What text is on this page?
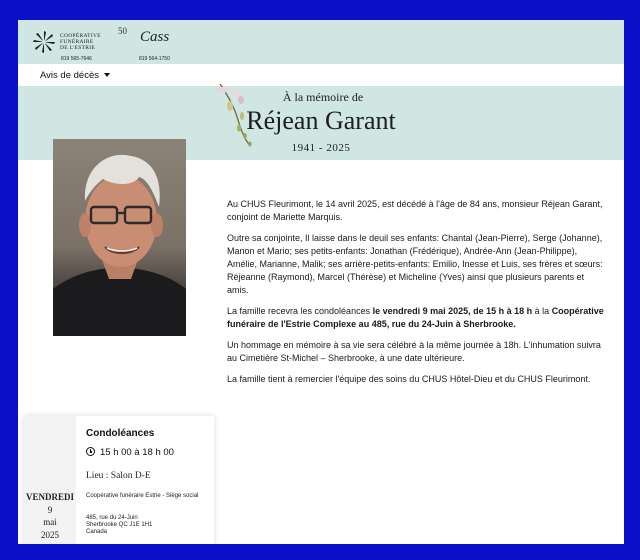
COOPÉRATIVE
FUNÉRAIRE
DE L'ESTRIE
50
819 565-7646
Cass
819 564-1750
Avis de décès
À la mémoire de
Réjean Garant
1941 - 2025

Au CHUS Fleurimont, le 14 avril 2025, est décédé à l'âge de 84 ans, monsieur Réjean Garant, conjoint de Mariette Marquis.

Outre sa conjointe, Il laisse dans le deuil ses enfants: Chantal (Jean-Pierre), Serge (Johanne), Manon et Mario; ses petits-enfants: Jonathan (Frédérique), Andrée-Ann (Jean-Philippe), Amélie, Marianne, Malik; ses arrière-petits-enfants: Emilio, Inesse et Luis, ses frères et sœurs: Réjeanne (Raymond), Marcel (Thérèse) et Micheline (Yves) ainsi que plusieurs parents et amis.

La famille recevra les condoléances le vendredi 9 mai 2025, de 15 h à 18 h à la Coopérative funéraire de l'Estrie Complexe au 485, rue du 24-Juin à Sherbrooke.

Un hommage en mémoire à sa vie sera célébré à la même journée à 18h. L'inhumation suivra au Cimetière St-Michel – Sherbrooke, à une date ultérieure.

La famille tient à remercier l'équipe des soins du CHUS Hôtel-Dieu et du CHUS Fleurimont.

VENDREDI
9
mai
2025
Condoléances
15 h 00 à 18 h 00
Lieu : Salon D-E
Coopérative funéraire Estrie - Siège social
485, rue du 24-Juin
Sherbrooke QC J1E 1H1
Canada
